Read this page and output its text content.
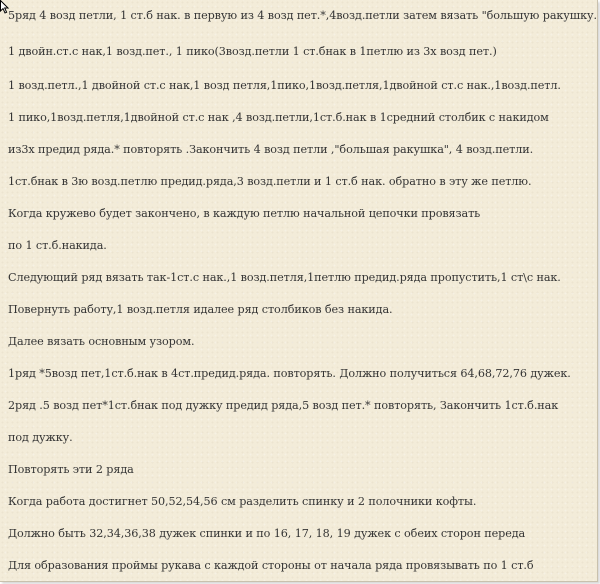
5ряд 4 возд петли, 1 ст.б нак. в первую из 4 возд пет.*,4возд.петли затем вязать "большую ракушку.
1 двойн.ст.с нак,1 возд.пет., 1 пико(3возд.петли 1 ст.бнак в 1петлю из 3х возд пет.)
1 возд.петл.,1 двойной ст.с нак,1 возд петля,1пико,1возд.петля,1двойной ст.с нак.,1возд.петл.
1 пико,1возд.петля,1двойной ст.с нак ,4 возд.петли,1ст.б.нак в 1средний столбик с накидом
из3х предид ряда.* повторять .Закончить 4 возд петли ,"большая ракушка", 4 возд.петли.
1ст.бнак в 3ю возд.петлю предид.ряда,3 возд.петли и 1 ст.б нак. обратно в эту же петлю.
Когда кружево будет закончено, в каждую петлю начальной цепочки провязать
по 1 ст.б.накида.
Следующий ряд вязать так-1ст.с нак.,1 возд.петля,1петлю предид.ряда пропустить,1 ст\с нак.
Повернуть работу,1 возд.петля идалее ряд столбиков без накида.
Далее вязать основным узором.
1ряд *5возд пет,1ст.б.нак в 4ст.предид.ряда. повторять. Должно получиться 64,68,72,76 дужек.
2ряд .5 возд пет*1ст.бнак под дужку предид ряда,5 возд пет.* повторять, Закончить 1ст.б.нак
под дужку.
Повторять эти 2 ряда
Когда работа достигнет 50,52,54,56 см разделить спинку и 2 полочники кофты.
Должно быть 32,34,36,38 дужек спинки и по 16, 17, 18, 19 дужек с обеих сторон переда
Для образования проймы рукава с каждой стороны от начала ряда провязывать по 1 ст.б
